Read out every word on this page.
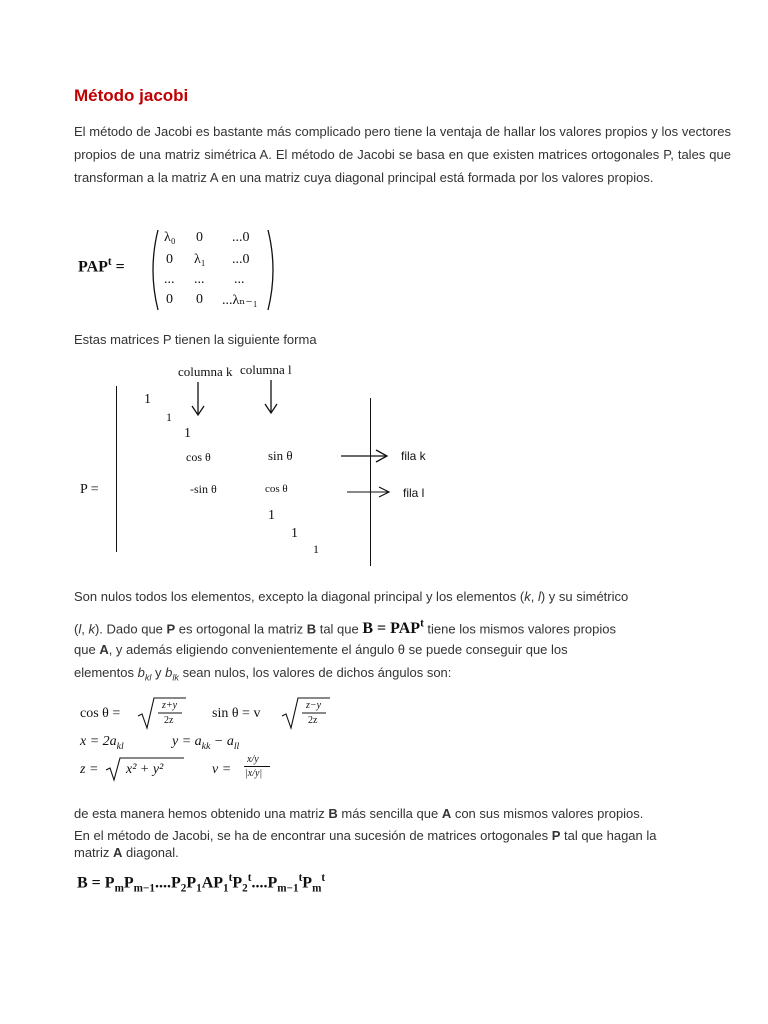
Método jacobi
El método de Jacobi es bastante más complicado pero tiene la ventaja de hallar los valores propios y los vectores propios de una matriz simétrica A. El método de Jacobi se basa en que existen matrices ortogonales P, tales que transforman a la matriz A en una matriz cuya diagonal principal está formada por los valores propios.
$PAP^t$ =
λ₀ 0 ...0
0 λ₁ ...0
... ... ...
0 0 ...λₙ₋₁
Estas matrices P tienen la siguiente forma
columna k columna l
P =
1
1
1
cos θ	sin θ
-sin θ	cos θ
1
1
1
fila k
fila l
Son nulos todos los elementos, excepto la diagonal principal y los elementos (k, l) y su simétrico
(l, k). Dado que P es ortogonal la matriz B tal que $B = PAP^t$ tiene los mismos valores propios
que A, y además eligiendo convenientemente el ángulo θ se puede conseguir que los
elementos $b_{kl}$ y $b_{lk}$ sean nulos, los valores de dichos ángulos son:
cos θ =
z+y
2z	sin θ = v
z−y
2z
$x = 2a_{kl}$	$y = a_{kk} - a_{ll}$
z = x² + y²	v =
x/y
|x/y|
de esta manera hemos obtenido una matriz B más sencilla que A con sus mismos valores propios.
En el método de Jacobi, se ha de encontrar una sucesión de matrices ortogonales P tal que hagan la
matriz A diagonal.
$B = P_mP_{m-1}....P_2P_1AP_1^tP_2^t....P_{m-1}^tP_m^t$
